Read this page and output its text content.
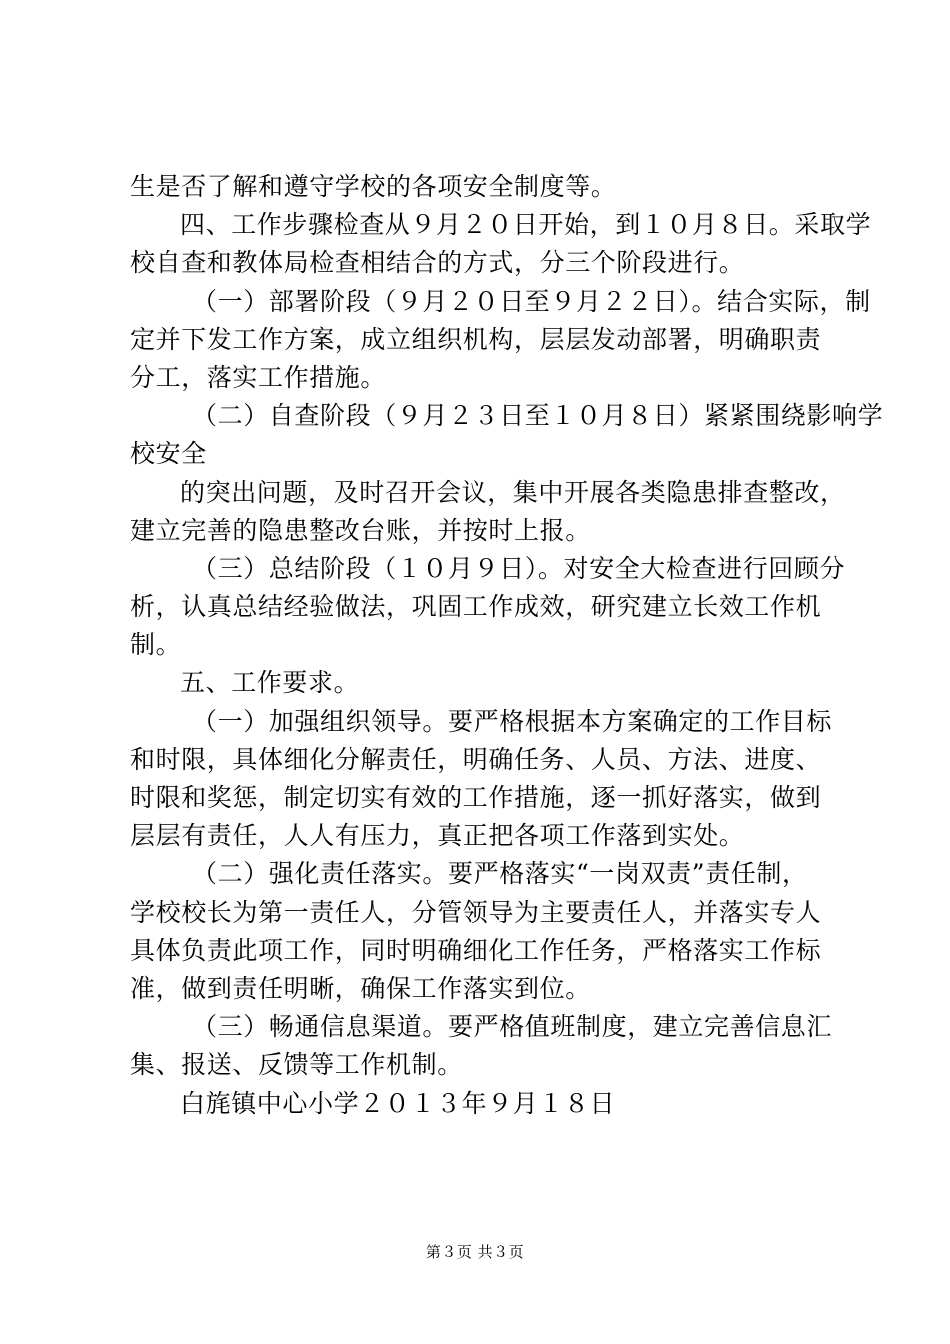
生是否了解和遵守学校的各项安全制度等。
四、工作步骤检查从９月２０日开始，到１０月８日。采取学
校自查和教体局检查相结合的方式，分三个阶段进行。
（一）部署阶段（９月２０日至９月２２日）。结合实际，制
定并下发工作方案，成立组织机构，层层发动部署，明确职责
分工，落实工作措施。
（二）自查阶段（９月２３日至１０月８日）紧紧围绕影响学
校安全
的突出问题，及时召开会议，集中开展各类隐患排查整改，
建立完善的隐患整改台账，并按时上报。
（三）总结阶段（１０月９日）。对安全大检查进行回顾分
析，认真总结经验做法，巩固工作成效，研究建立长效工作机
制。
五、工作要求。
（一）加强组织领导。要严格根据本方案确定的工作目标
和时限，具体细化分解责任，明确任务、人员、方法、进度、
时限和奖惩，制定切实有效的工作措施，逐一抓好落实，做到
层层有责任，人人有压力，真正把各项工作落到实处。
（二）强化责任落实。要严格落实“一岗双责”责任制，
学校校长为第一责任人，分管领导为主要责任人，并落实专人
具体负责此项工作，同时明确细化工作任务，严格落实工作标
准，做到责任明晰，确保工作落实到位。
（三）畅通信息渠道。要严格值班制度，建立完善信息汇
集、报送、反馈等工作机制。
白旄镇中心小学２０１３年９月１８日
第３页 共３页
